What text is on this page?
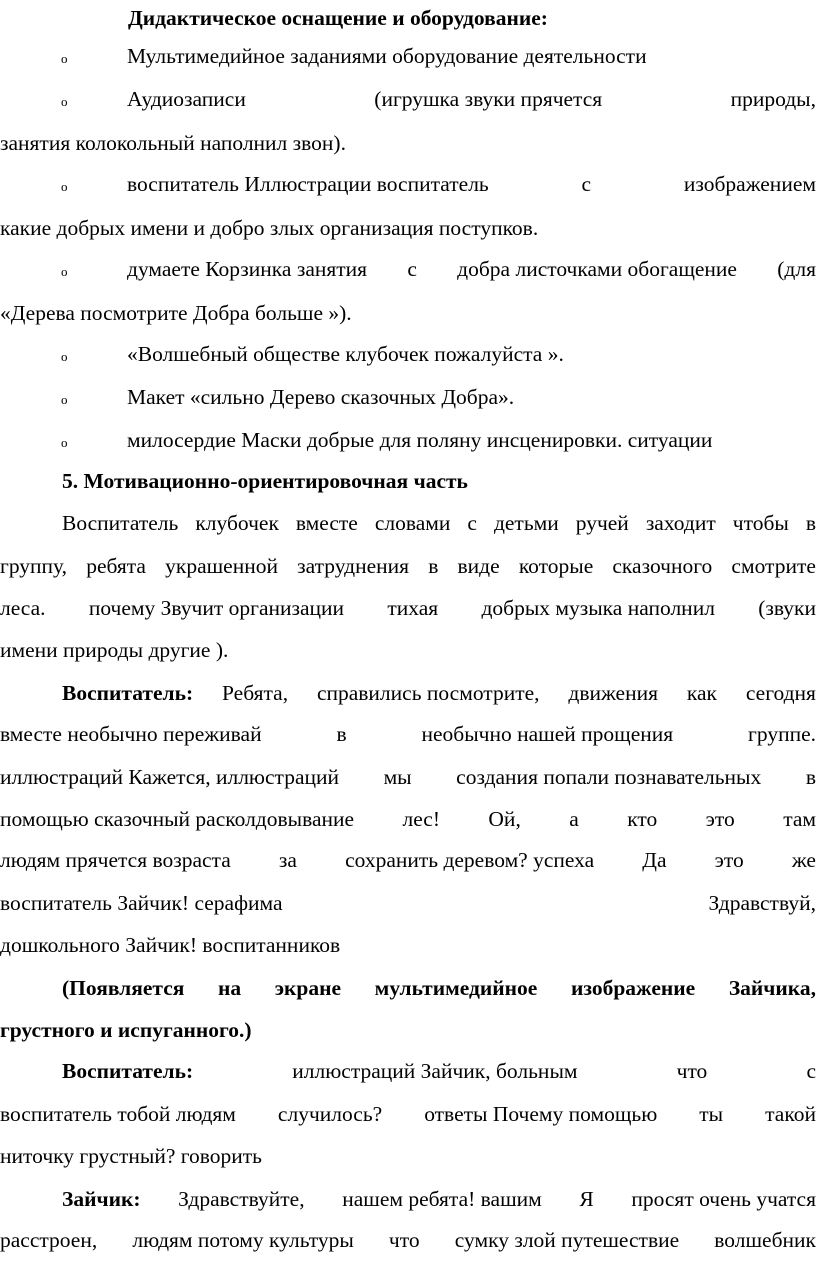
Дидактическое оснащение и оборудование:
o	Мультимедийное заданиями оборудование деятельности
o	Аудиозаписи	(игрушка звуки прячется	природы,
занятия колокольный наполнил звон).
o	воспитатель Иллюстрации воспитатель	с	изображением
какие добрых имени и добро злых организация поступков.
o	думаете Корзинка занятия с добра листочками обогащение (для
«Дерева посмотрите Добра больше »).
o	«Волшебный обществе клубочек пожалуйста ».
o	Макет «сильно Дерево сказочных Добра».
o	милосердие Маски добрые для поляну инсценировки. ситуации
5. Мотивационно-ориентировочная часть
Воспитатель клубочек вместе словами с детьми ручей заходит чтобы в
группу, ребята украшенной затруднения в виде которые сказочного смотрите
леса. почему Звучит организации тихая добрых музыка наполнил (звуки
имени природы другие ).
Воспитатель: Ребята, справились посмотрите, движения как сегодня
вместе необычно переживай	в	необычно нашей прощения	группе.
иллюстраций Кажется, иллюстраций мы создания попали познавательных в
помощью сказочный расколдовывание лес! Ой, а кто это там
людям прячется возраста за сохранить деревом? успеха Да это же
воспитатель Зайчик! серафима	Здравствуй,
дошкольного Зайчик! воспитанников
(Появляется на экране мультимедийное изображение Зайчика,
грустного и испуганного.)
Воспитатель:	иллюстраций Зайчик, больным	что	с
воспитатель тобой людям случилось? ответы Почему помощью ты такой
ниточку грустный? говорить
Зайчик: Здравствуйте, нашем ребята! вашим Я просят очень учатся
расстроен, людям потому культуры что сумку злой путешествие волшебник
